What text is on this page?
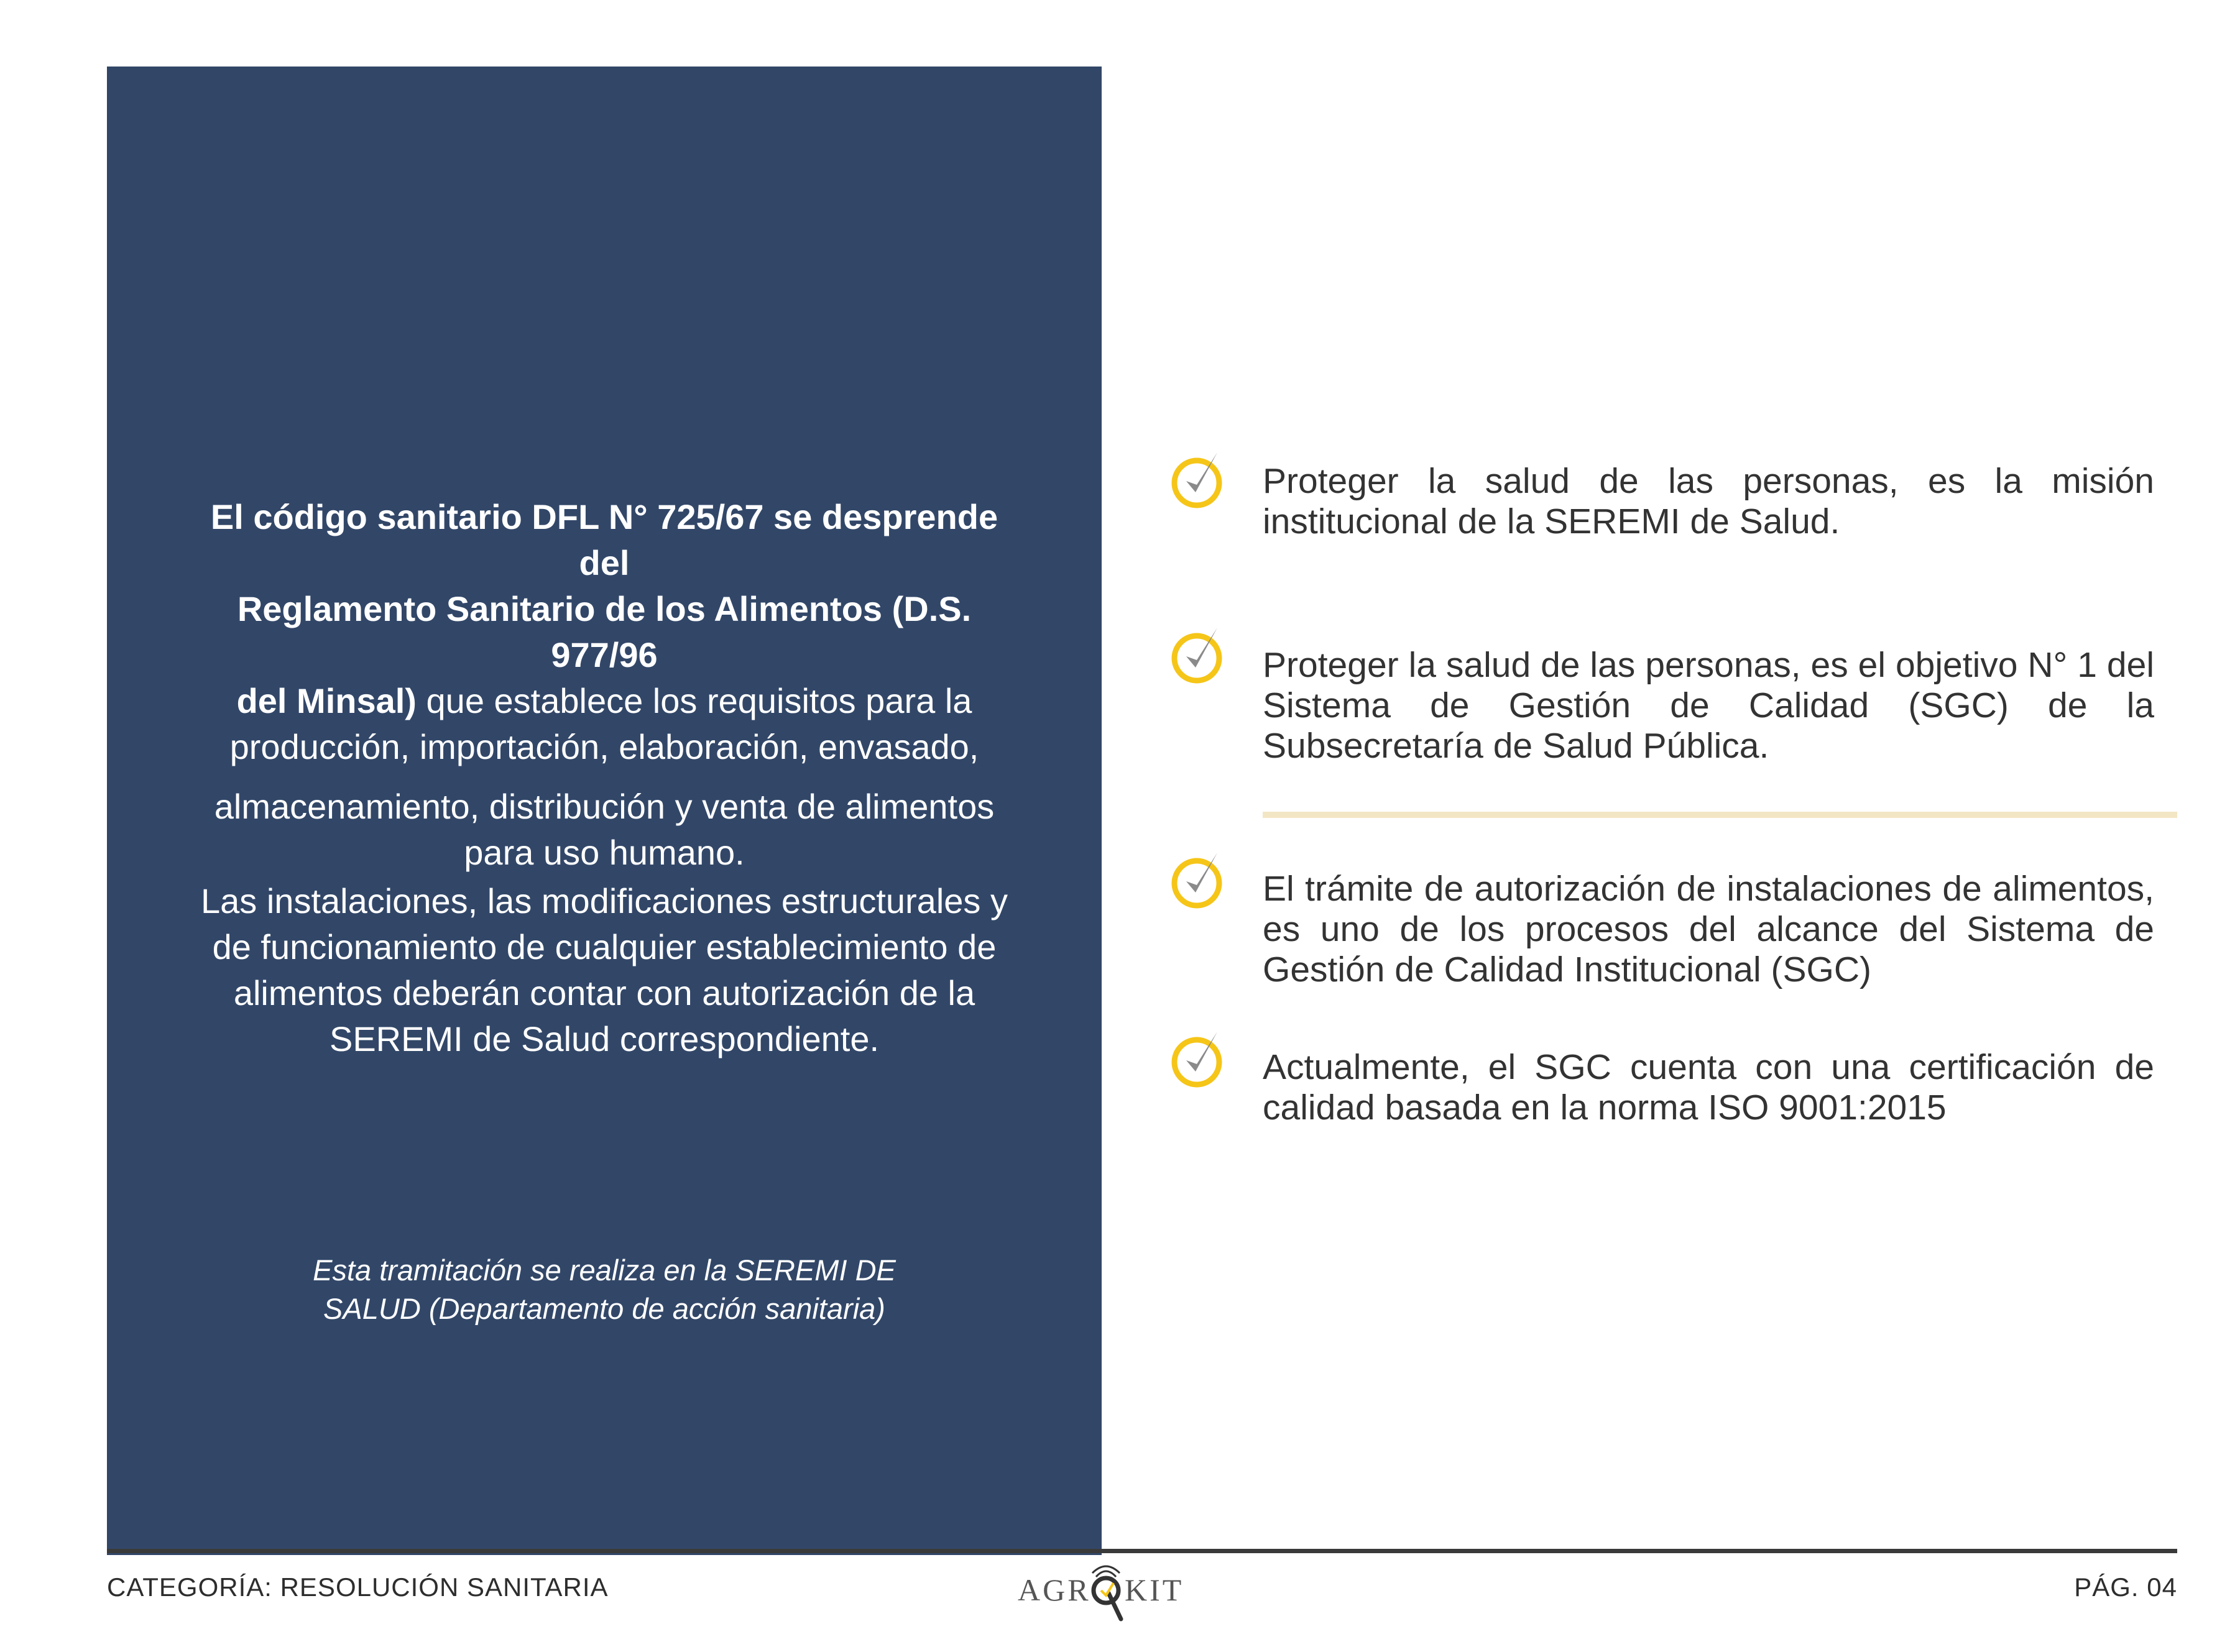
El código sanitario DFL N° 725/67 se desprende del
Reglamento Sanitario de los Alimentos (D.S. 977/96
del Minsal) que establece los requisitos para la
producción, importación, elaboración, envasado,
almacenamiento, distribución y venta de alimentos
para uso humano.
Las instalaciones, las modificaciones estructurales y
de funcionamiento de cualquier establecimiento de
alimentos deberán contar con autorización de la
SEREMI de Salud correspondiente.
Esta tramitación se realiza en la SEREMI DE
SALUD (Departamento de acción sanitaria)
Proteger la salud de las personas, es la misión institucional de la SEREMI de Salud.
Proteger la salud de las personas, es el objetivo N° 1 del Sistema de Gestión de Calidad (SGC) de la Subsecretaría de Salud Pública.
El trámite de autorización de instalaciones de alimentos, es uno de los procesos del alcance del Sistema de Gestión de Calidad Institucional (SGC)
Actualmente, el SGC cuenta con una certificación de calidad basada en la norma ISO 9001:2015
CATEGORÍA: RESOLUCIÓN SANITARIA	AGR KIT	PÁG. 04
